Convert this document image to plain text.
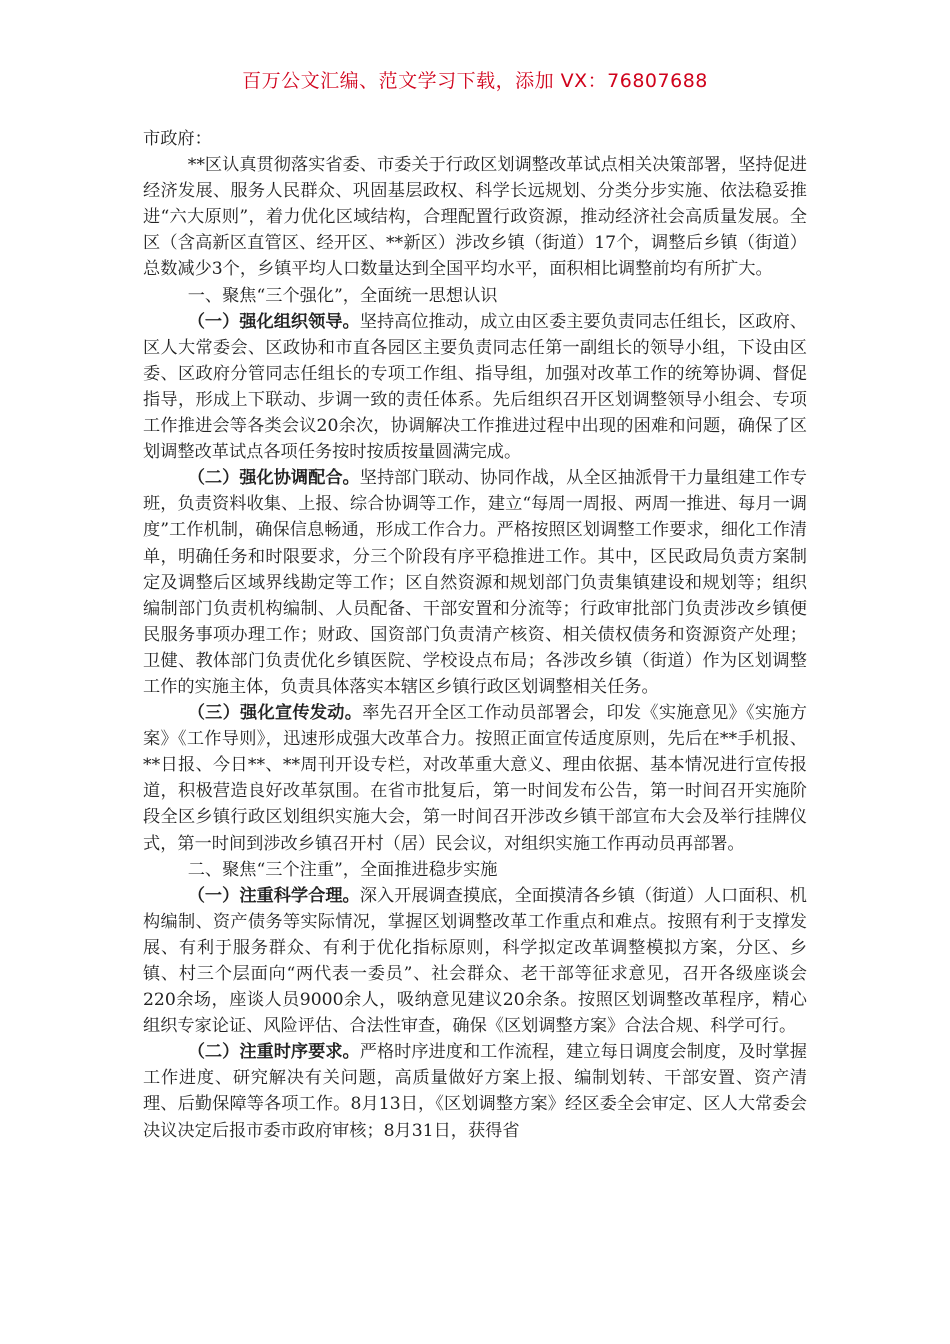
百万公文汇编、范文学习下载，添加 VX：76807688

市政府：

**区认真贯彻落实省委、市委关于行政区划调整改革试点相关决策部署，坚持促进经济发展、服务人民群众、巩固基层政权、科学长远规划、分类分步实施、依法稳妥推进“六大原则”，着力优化区域结构，合理配置行政资源，推动经济社会高质量发展。全区（含高新区直管区、经开区、**新区）涉改乡镇（街道）17个，调整后乡镇（街道）总数减少3个，乡镇平均人口数量达到全国平均水平，面积相比调整前均有所扩大。

一、聚焦“三个强化”，全面统一思想认识

（一）强化组织领导。坚持高位推动，成立由区委主要负责同志任组长，区政府、区人大常委会、区政协和市直各园区主要负责同志任第一副组长的领导小组，下设由区委、区政府分管同志任组长的专项工作组、指导组，加强对改革工作的统筹协调、督促指导，形成上下联动、步调一致的责任体系。先后组织召开区划调整领导小组会、专项工作推进会等各类会议20余次，协调解决工作推进过程中出现的困难和问题，确保了区划调整改革试点各项任务按时按质按量圆满完成。

（二）强化协调配合。坚持部门联动、协同作战，从全区抽派骨干力量组建工作专班，负责资料收集、上报、综合协调等工作，建立“每周一周报、两周一推进、每月一调度”工作机制，确保信息畅通，形成工作合力。严格按照区划调整工作要求，细化工作清单，明确任务和时限要求，分三个阶段有序平稳推进工作。其中，区民政局负责方案制定及调整后区域界线勘定等工作；区自然资源和规划部门负责集镇建设和规划等；组织编制部门负责机构编制、人员配备、干部安置和分流等；行政审批部门负责涉改乡镇便民服务事项办理工作；财政、国资部门负责清产核资、相关债权债务和资源资产处理；卫健、教体部门负责优化乡镇医院、学校设点布局；各涉改乡镇（街道）作为区划调整工作的实施主体，负责具体落实本辖区乡镇行政区划调整相关任务。

（三）强化宣传发动。率先召开全区工作动员部署会，印发《实施意见》《实施方案》《工作导则》，迅速形成强大改革合力。按照正面宣传适度原则，先后在**手机报、**日报、今日**、**周刊开设专栏，对改革重大意义、理由依据、基本情况进行宣传报道，积极营造良好改革氛围。在省市批复后，第一时间发布公告，第一时间召开实施阶段全区乡镇行政区划组织实施大会，第一时间召开涉改乡镇干部宣布大会及举行挂牌仪式，第一时间到涉改乡镇召开村（居）民会议，对组织实施工作再动员再部署。

二、聚焦“三个注重”，全面推进稳步实施

（一）注重科学合理。深入开展调查摸底，全面摸清各乡镇（街道）人口面积、机构编制、资产债务等实际情况，掌握区划调整改革工作重点和难点。按照有利于支撑发展、有利于服务群众、有利于优化指标原则，科学拟定改革调整模拟方案，分区、乡镇、村三个层面向“两代表一委员”、社会群众、老干部等征求意见，召开各级座谈会220余场，座谈人员9000余人，吸纳意见建议20余条。按照区划调整改革程序，精心组织专家论证、风险评估、合法性审查，确保《区划调整方案》合法合规、科学可行。

（二）注重时序要求。严格时序进度和工作流程，建立每日调度会制度，及时掌握工作进度、研究解决有关问题，高质量做好方案上报、编制划转、干部安置、资产清理、后勤保障等各项工作。8月13日，《区划调整方案》经区委全会审定、区人大常委会决议决定后报市委市政府审核；8月31日，获得省
